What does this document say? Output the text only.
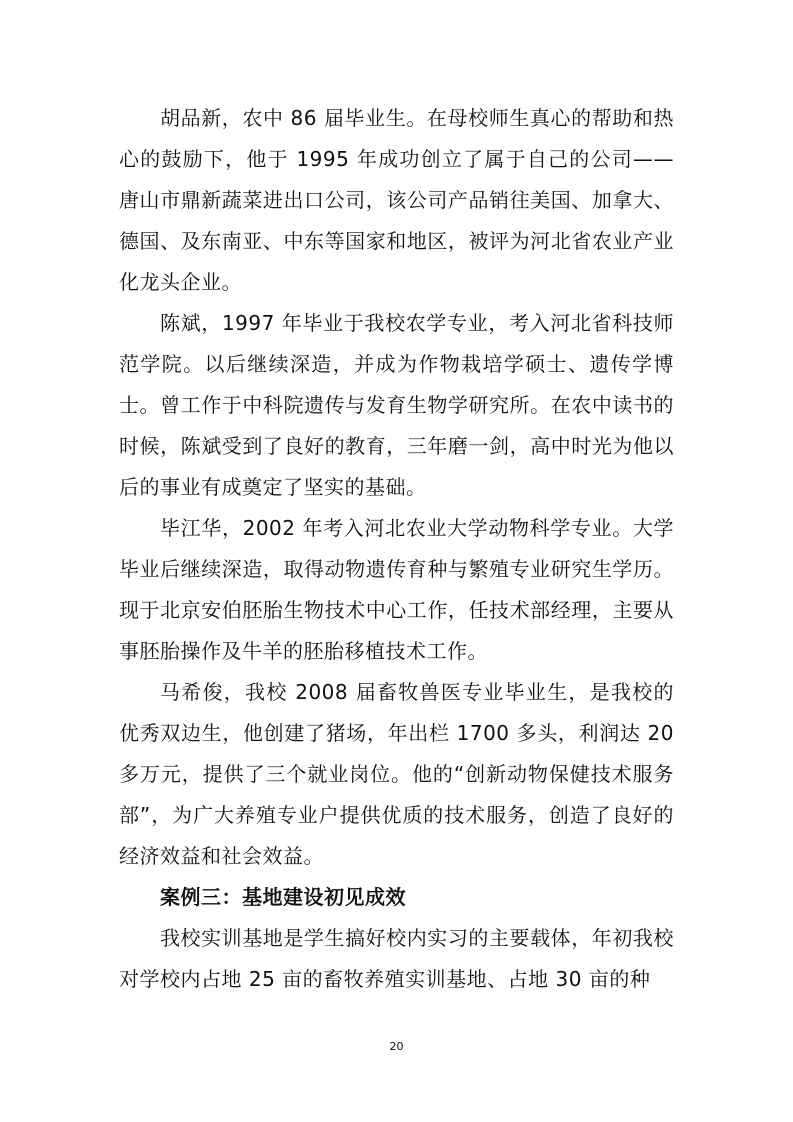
胡品新，农中 86 届毕业生。在母校师生真心的帮助和热心的鼓励下，他于 1995 年成功创立了属于自己的公司——唐山市鼎新蔬菜进出口公司，该公司产品销往美国、加拿大、德国、及东南亚、中东等国家和地区，被评为河北省农业产业化龙头企业。

陈斌，1997 年毕业于我校农学专业，考入河北省科技师范学院。以后继续深造，并成为作物栽培学硕士、遗传学博士。曾工作于中科院遗传与发育生物学研究所。在农中读书的时候，陈斌受到了良好的教育，三年磨一剑，高中时光为他以后的事业有成奠定了坚实的基础。

毕江华，2002 年考入河北农业大学动物科学专业。大学毕业后继续深造，取得动物遗传育种与繁殖专业研究生学历。现于北京安伯胚胎生物技术中心工作，任技术部经理，主要从事胚胎操作及牛羊的胚胎移植技术工作。

马希俊，我校 2008 届畜牧兽医专业毕业生，是我校的优秀双边生，他创建了猪场，年出栏 1700 多头，利润达 20多万元，提供了三个就业岗位。他的“创新动物保健技术服务部”，为广大养殖专业户提供优质的技术服务，创造了良好的经济效益和社会效益。

案例三：基地建设初见成效

我校实训基地是学生搞好校内实习的主要载体，年初我校对学校内占地 25 亩的畜牧养殖实训基地、占地 30 亩的种

20
